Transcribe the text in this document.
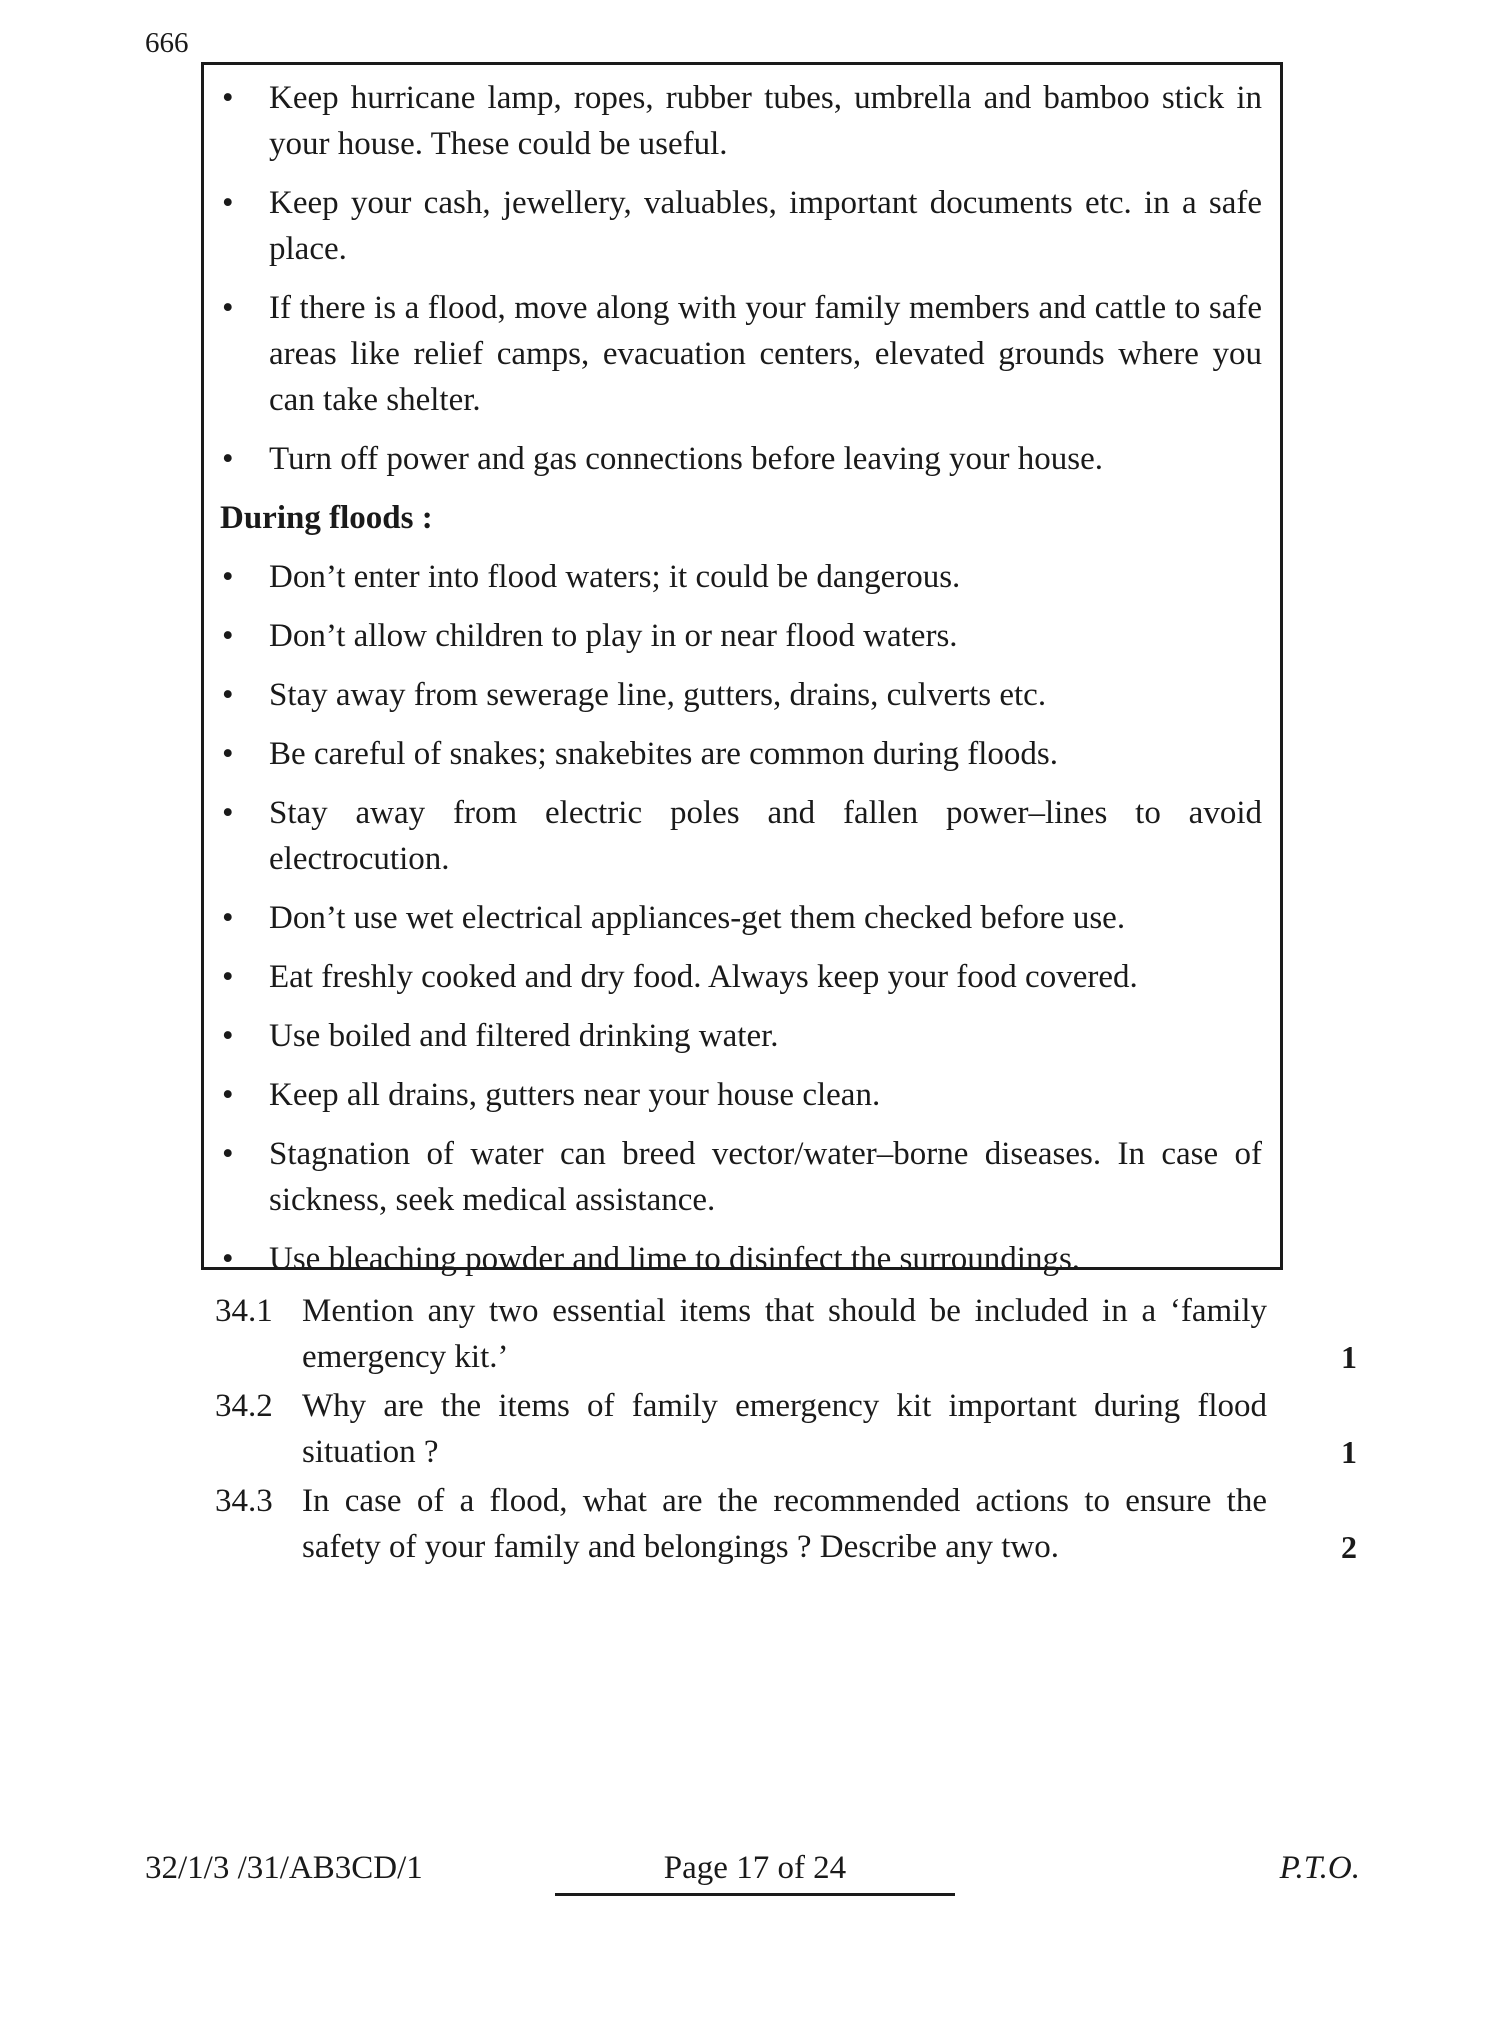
666
• Keep hurricane lamp, ropes, rubber tubes, umbrella and bamboo stick in your house. These could be useful.
• Keep your cash, jewellery, valuables, important documents etc. in a safe place.
• If there is a flood, move along with your family members and cattle to safe areas like relief camps, evacuation centers, elevated grounds where you can take shelter.
• Turn off power and gas connections before leaving your house.
During floods :
• Don’t enter into flood waters; it could be dangerous.
• Don’t allow children to play in or near flood waters.
• Stay away from sewerage line, gutters, drains, culverts etc.
• Be careful of snakes; snakebites are common during floods.
• Stay away from electric poles and fallen power–lines to avoid electrocution.
• Don’t use wet electrical appliances-get them checked before use.
• Eat freshly cooked and dry food. Always keep your food covered.
• Use boiled and filtered drinking water.
• Keep all drains, gutters near your house clean.
• Stagnation of water can breed vector/water–borne diseases. In case of sickness, seek medical assistance.
• Use bleaching powder and lime to disinfect the surroundings.
34.1 Mention any two essential items that should be included in a ‘family emergency kit.’	1
34.2 Why are the items of family emergency kit important during flood situation ?	1
34.3 In case of a flood, what are the recommended actions to ensure the safety of your family and belongings ? Describe any two.	2
32/1/3 /31/AB3CD/1	Page 17 of 24	P.T.O.
